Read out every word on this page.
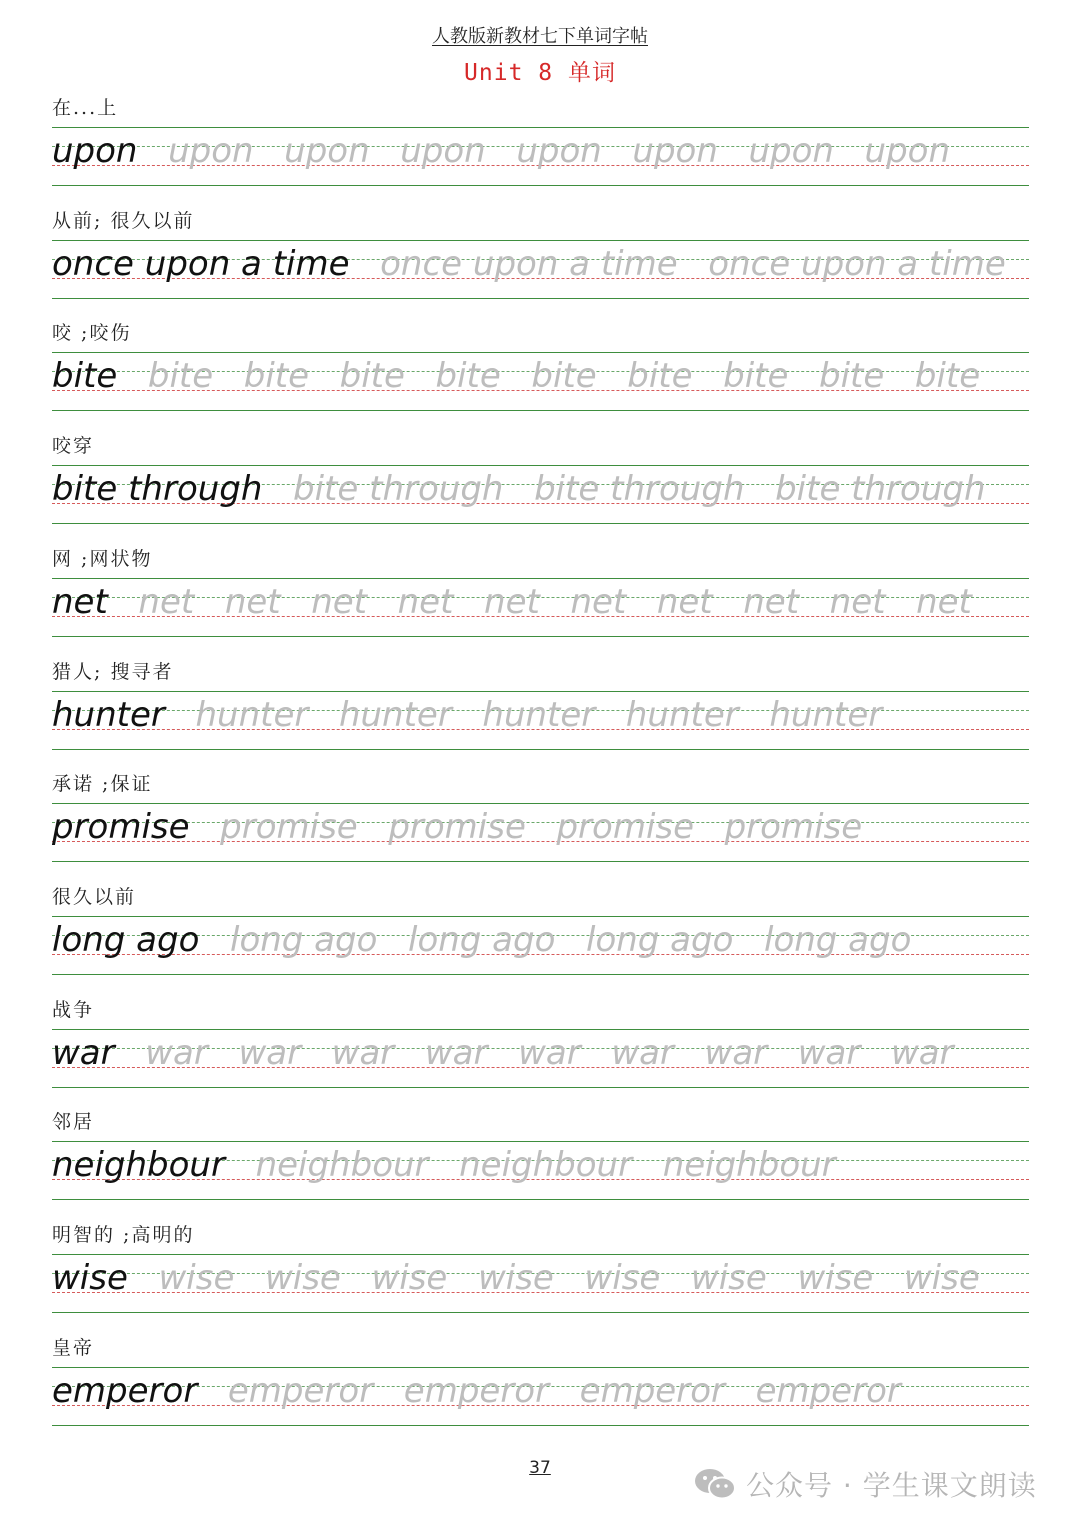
人教版新教材七下单词字帖
Unit 8 单词
在...上
upon upon upon upon upon upon upon upon
从前; 很久以前
once upon a time once upon a time once upon a time
咬 ;咬伤
bite bite bite bite bite bite bite bite bite bite
咬穿
bite through bite through bite through bite through
网 ;网状物
net net net net net net net net net net net
猎人; 搜寻者
hunter hunter hunter hunter hunter hunter
承诺 ;保证
promise promise promise promise promise
很久以前
long ago long ago long ago long ago long ago
战争
war war war war war war war war war war
邻居
neighbour neighbour neighbour neighbour
明智的 ;高明的
wise wise wise wise wise wise wise wise wise
皇帝
emperor emperor emperor emperor emperor
37
公众号 · 学生课文朗读
